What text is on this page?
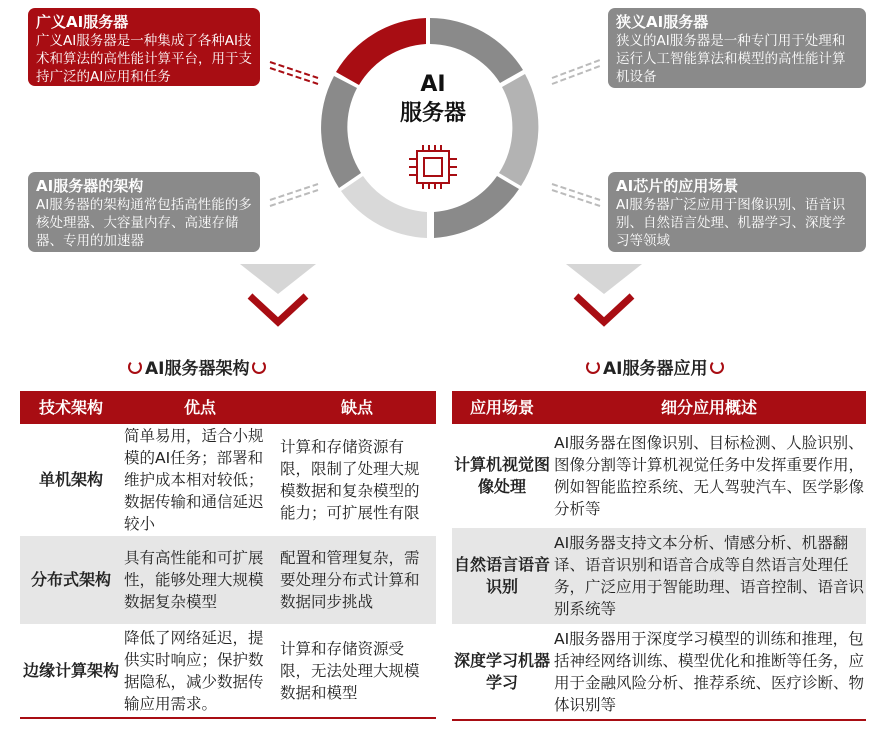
广义AI服务器
广义AI服务器是一种集成了各种AI技术和算法的高性能计算平台，用于支持广泛的AI应用和任务
狭义AI服务器
狭义的AI服务器是一种专门用于处理和运行人工智能算法和模型的高性能计算机设备
AI服务器的架构
AI服务器的架构通常包括高性能的多核处理器、大容量内存、高速存储器、专用的加速器
AI芯片的应用场景
AI服务器广泛应用于图像识别、语音识别、自然语言处理、机器学习、深度学习等领域
AI
服务器
AI服务器架构	AI服务器应用
技术架构	优点	缺点
单机架构	简单易用，适合小规模的AI任务；部署和维护成本相对较低；数据传输和通信延迟较小	计算和存储资源有限，限制了处理大规模数据和复杂模型的能力；可扩展性有限
分布式架构	具有高性能和可扩展性，能够处理大规模数据复杂模型	配置和管理复杂，需要处理分布式计算和数据同步挑战
边缘计算架构	降低了网络延迟，提供实时响应；保护数据隐私，减少数据传输应用需求。	计算和存储资源受限，无法处理大规模数据和模型
应用场景	细分应用概述
计算机视觉图像处理	AI服务器在图像识别、目标检测、人脸识别、图像分割等计算机视觉任务中发挥重要作用，例如智能监控系统、无人驾驶汽车、医学影像分析等
自然语言语音识别	AI服务器支持文本分析、情感分析、机器翻译、语音识别和语音合成等自然语言处理任务，广泛应用于智能助理、语音控制、语音识别系统等
深度学习机器学习	AI服务器用于深度学习模型的训练和推理，包括神经网络训练、模型优化和推断等任务，应用于金融风险分析、推荐系统、医疗诊断、物体识别等
